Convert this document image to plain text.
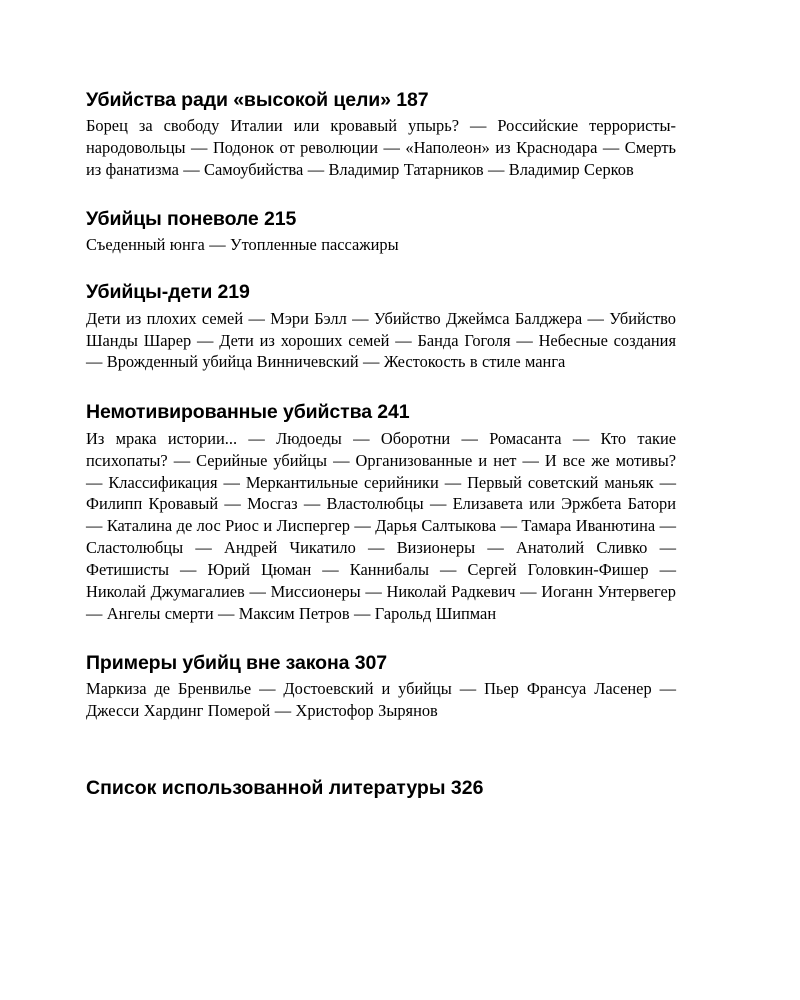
Убийства ради «высокой цели» 187

Борец за свободу Италии или кровавый упырь? — Российские террористы-народовольцы — Подонок от революции — «Наполеон» из Краснодара — Смерть из фанатизма — Самоубийства — Владимир Татарников — Владимир Серков

Убийцы поневоле 215

Съеденный юнга — Утопленные пассажиры

Убийцы-дети 219

Дети из плохих семей — Мэри Бэлл — Убийство Джеймса Балджера — Убийство Шанды Шарер — Дети из хороших семей — Банда Гоголя — Небесные создания — Врожденный убийца Винничевский — Жестокость в стиле манга

Немотивированные убийства 241

Из мрака истории... — Людоеды — Оборотни — Ромасанта — Кто такие психопаты? — Серийные убийцы — Организованные и нет — И все же мотивы? — Классификация — Меркантильные серийники — Первый советский маньяк — Филипп Кровавый — Мосгаз — Властолюбцы — Елизавета или Эржбета Батори — Каталина де лос Риос и Лиспергер — Дарья Салтыкова — Тамара Иванютина — Сластолюбцы — Андрей Чикатило — Визионеры — Анатолий Сливко — Фетишисты — Юрий Цюман — Каннибалы — Сергей Головкин-Фишер — Николай Джумагалиев — Миссионеры — Николай Радкевич — Иоганн Унтервегер — Ангелы смерти — Максим Петров — Гарольд Шипман

Примеры убийц вне закона 307

Маркиза де Бренвилье — Достоевский и убийцы — Пьер Франсуа Ласенер — Джесси Хардинг Померой — Христофор Зырянов

Список использованной литературы 326
